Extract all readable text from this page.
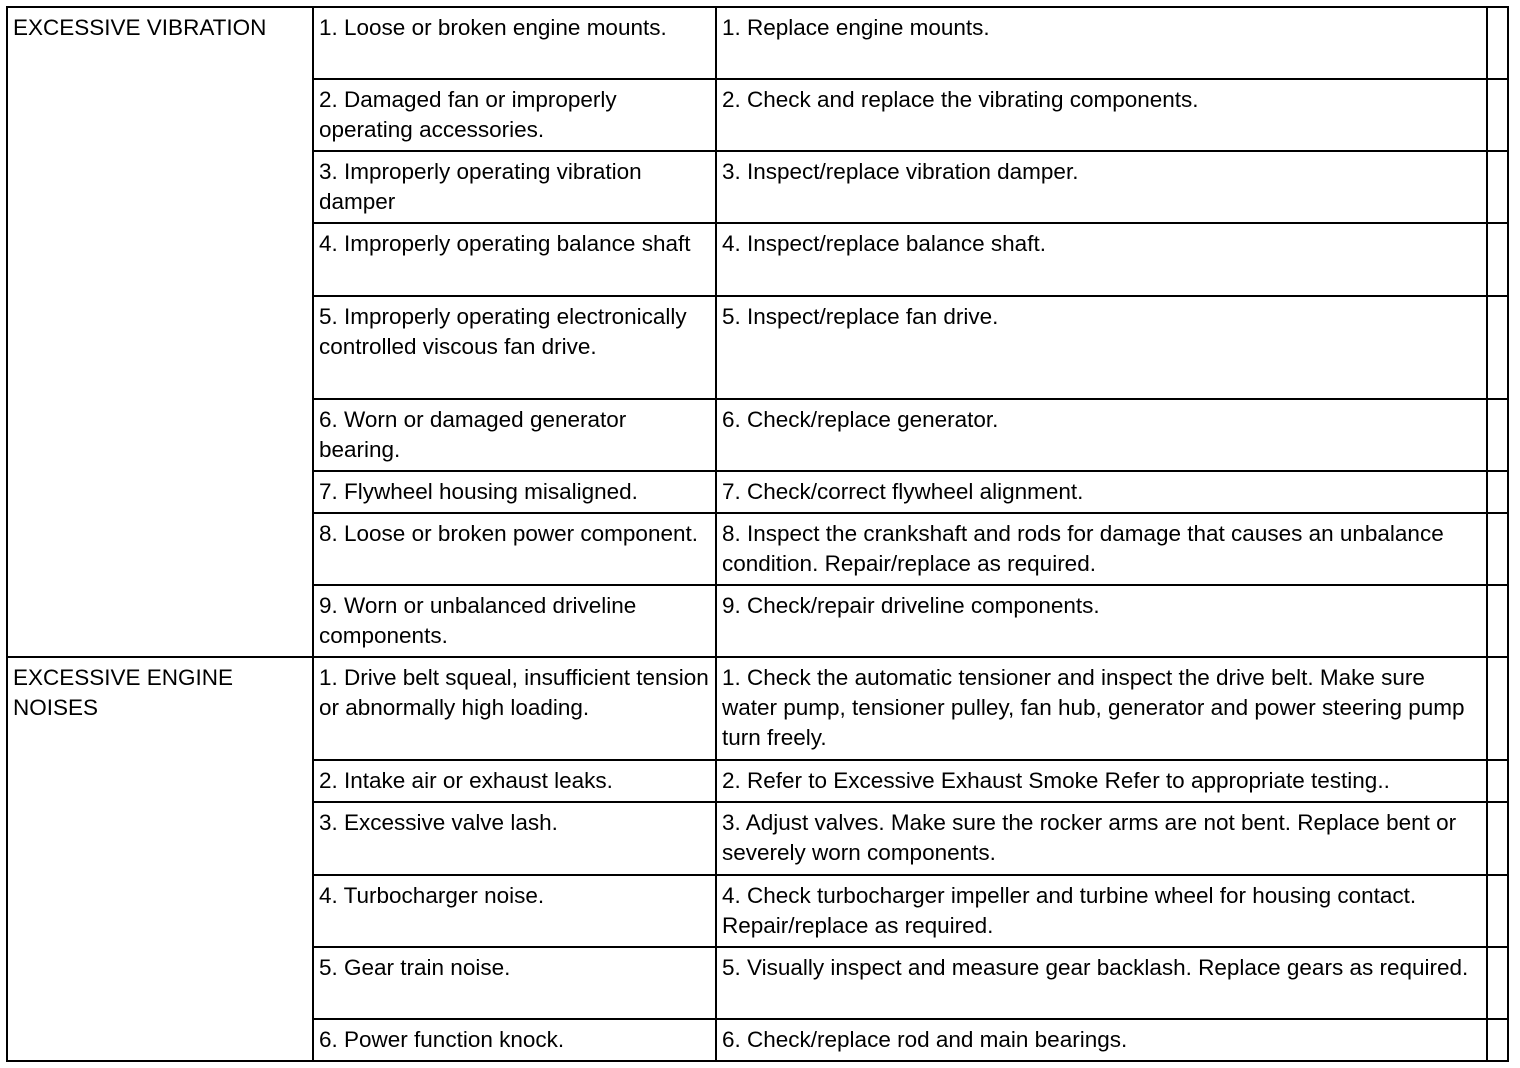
EXCESSIVE VIBRATION	1. Loose or broken engine mounts.	1. Replace engine mounts.	
	2. Damaged fan or improperly operating accessories.	2. Check and replace the vibrating components.	
	3. Improperly operating vibration damper	3. Inspect/replace vibration damper.	
	4. Improperly operating balance shaft	4. Inspect/replace balance shaft.	
	5. Improperly operating electronically controlled viscous fan drive.	5. Inspect/replace fan drive.	
	6. Worn or damaged generator bearing.	6. Check/replace generator.	
	7. Flywheel housing misaligned.	7. Check/correct flywheel alignment.	
	8. Loose or broken power component.	8. Inspect the crankshaft and rods for damage that causes an unbalance condition. Repair/replace as required.	
	9. Worn or unbalanced driveline components.	9. Check/repair driveline components.	
EXCESSIVE ENGINE NOISES	1. Drive belt squeal, insufficient tension or abnormally high loading.	1. Check the automatic tensioner and inspect the drive belt. Make sure water pump, tensioner pulley, fan hub, generator and power steering pump turn freely.	
	2. Intake air or exhaust leaks.	2. Refer to Excessive Exhaust Smoke Refer to appropriate testing..	
	3. Excessive valve lash.	3. Adjust valves. Make sure the rocker arms are not bent. Replace bent or severely worn components.	
	4. Turbocharger noise.	4. Check turbocharger impeller and turbine wheel for housing contact. Repair/replace as required.	
	5. Gear train noise.	5. Visually inspect and measure gear backlash. Replace gears as required.	
	6. Power function knock.	6. Check/replace rod and main bearings.	
